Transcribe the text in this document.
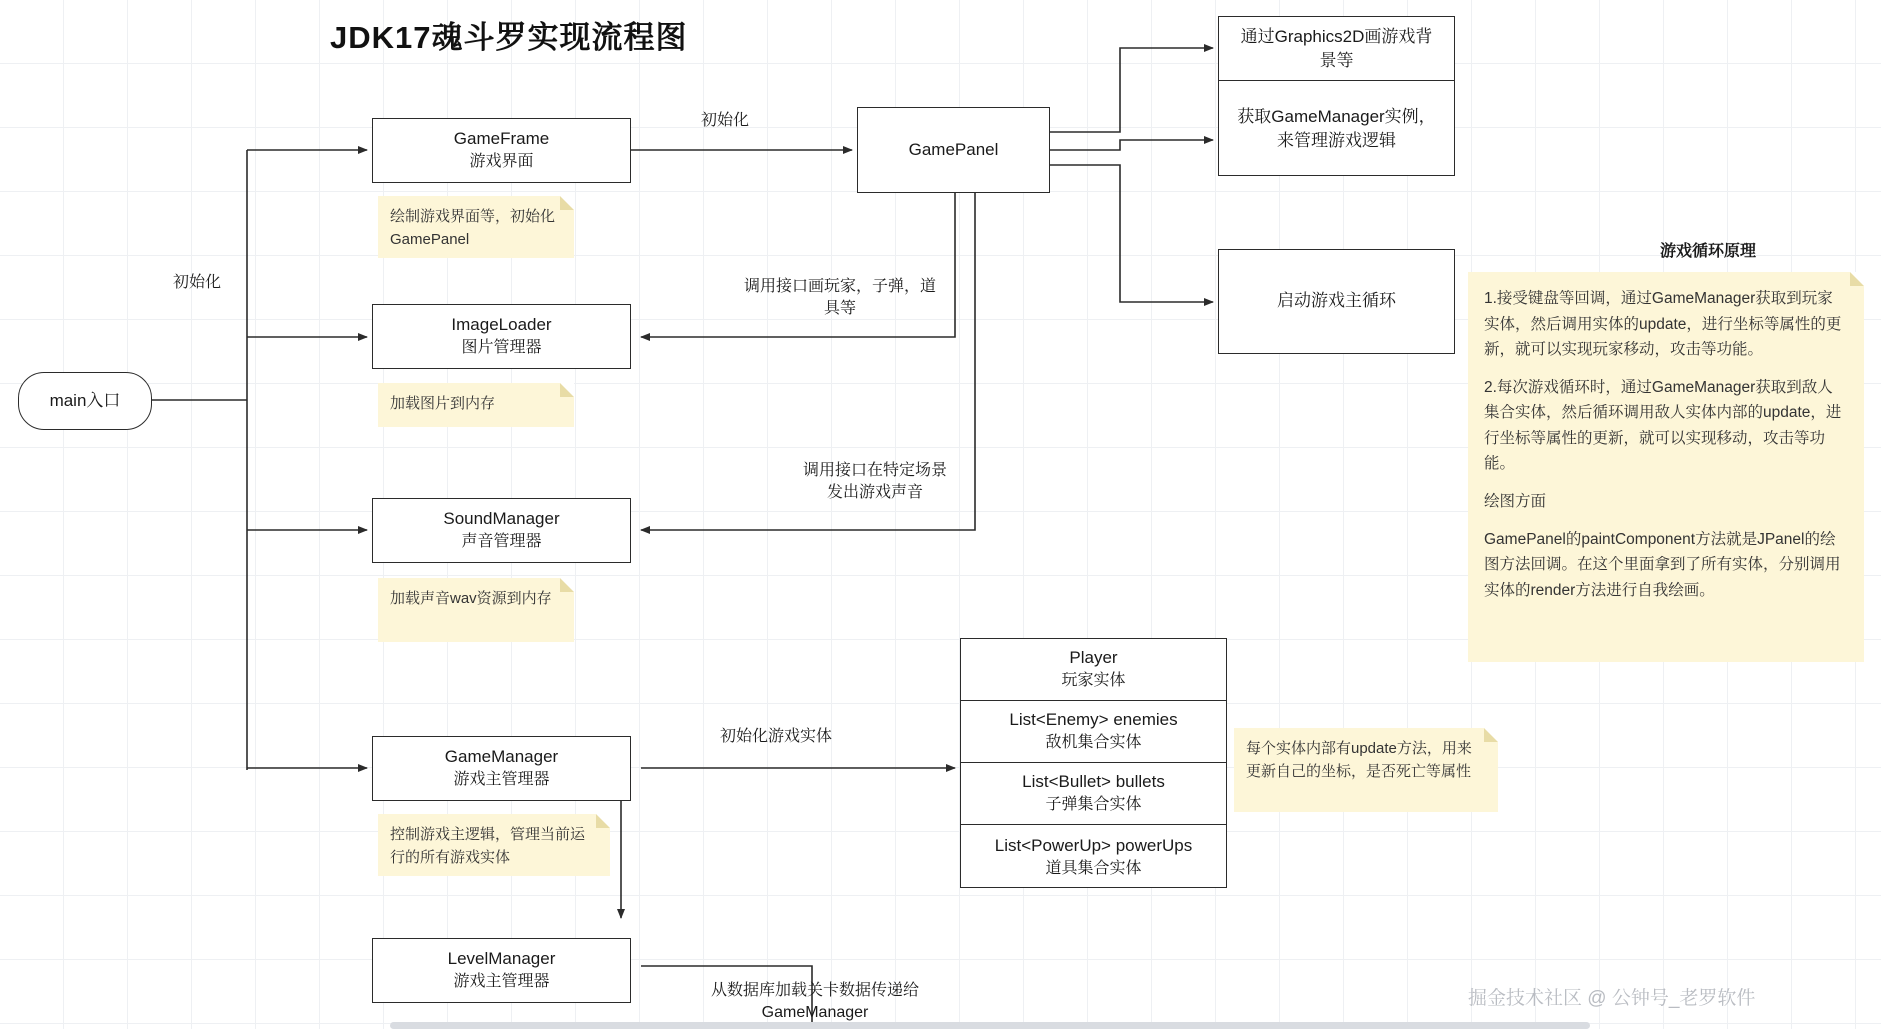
JDK17魂斗罗实现流程图
main入口
GameFrame
游戏界面
ImageLoader
图片管理器
SoundManager
声音管理器
GameManager
游戏主管理器
LevelManager
游戏主管理器
GamePanel
通过Graphics2D画游戏背景等
获取GameManager实例，来管理游戏逻辑
启动游戏主循环
Player
玩家实体
List<Enemy> enemies
敌机集合实体
List<Bullet> bullets
子弹集合实体
List<PowerUp> powerUps
道具集合实体
绘制游戏界面等，初始化GamePanel
加载图片到内存
加载声音wav资源到内存
控制游戏主逻辑，管理当前运行的所有游戏实体
每个实体内部有update方法，用来更新自己的坐标，是否死亡等属性
游戏循环原理

1.接受键盘等回调，通过GameManager获取到玩家实体，然后调用实体的update，进行坐标等属性的更新，就可以实现玩家移动，攻击等功能。

2.每次游戏循环时，通过GameManager获取到敌人集合实体，然后循环调用敌人实体内部的update，进行坐标等属性的更新，就可以实现移动，攻击等功能。

绘图方面

GamePanel的paintComponent方法就是JPanel的绘图方法回调。在这个里面拿到了所有实体，分别调用实体的render方法进行自我绘画。

初始化
初始化
调用接口画玩家，子弹，道具等
调用接口在特定场景发出游戏声音
初始化游戏实体
从数据库加载关卡数据传递给GameManager
掘金技术社区 @ 公钟号_老罗软件
